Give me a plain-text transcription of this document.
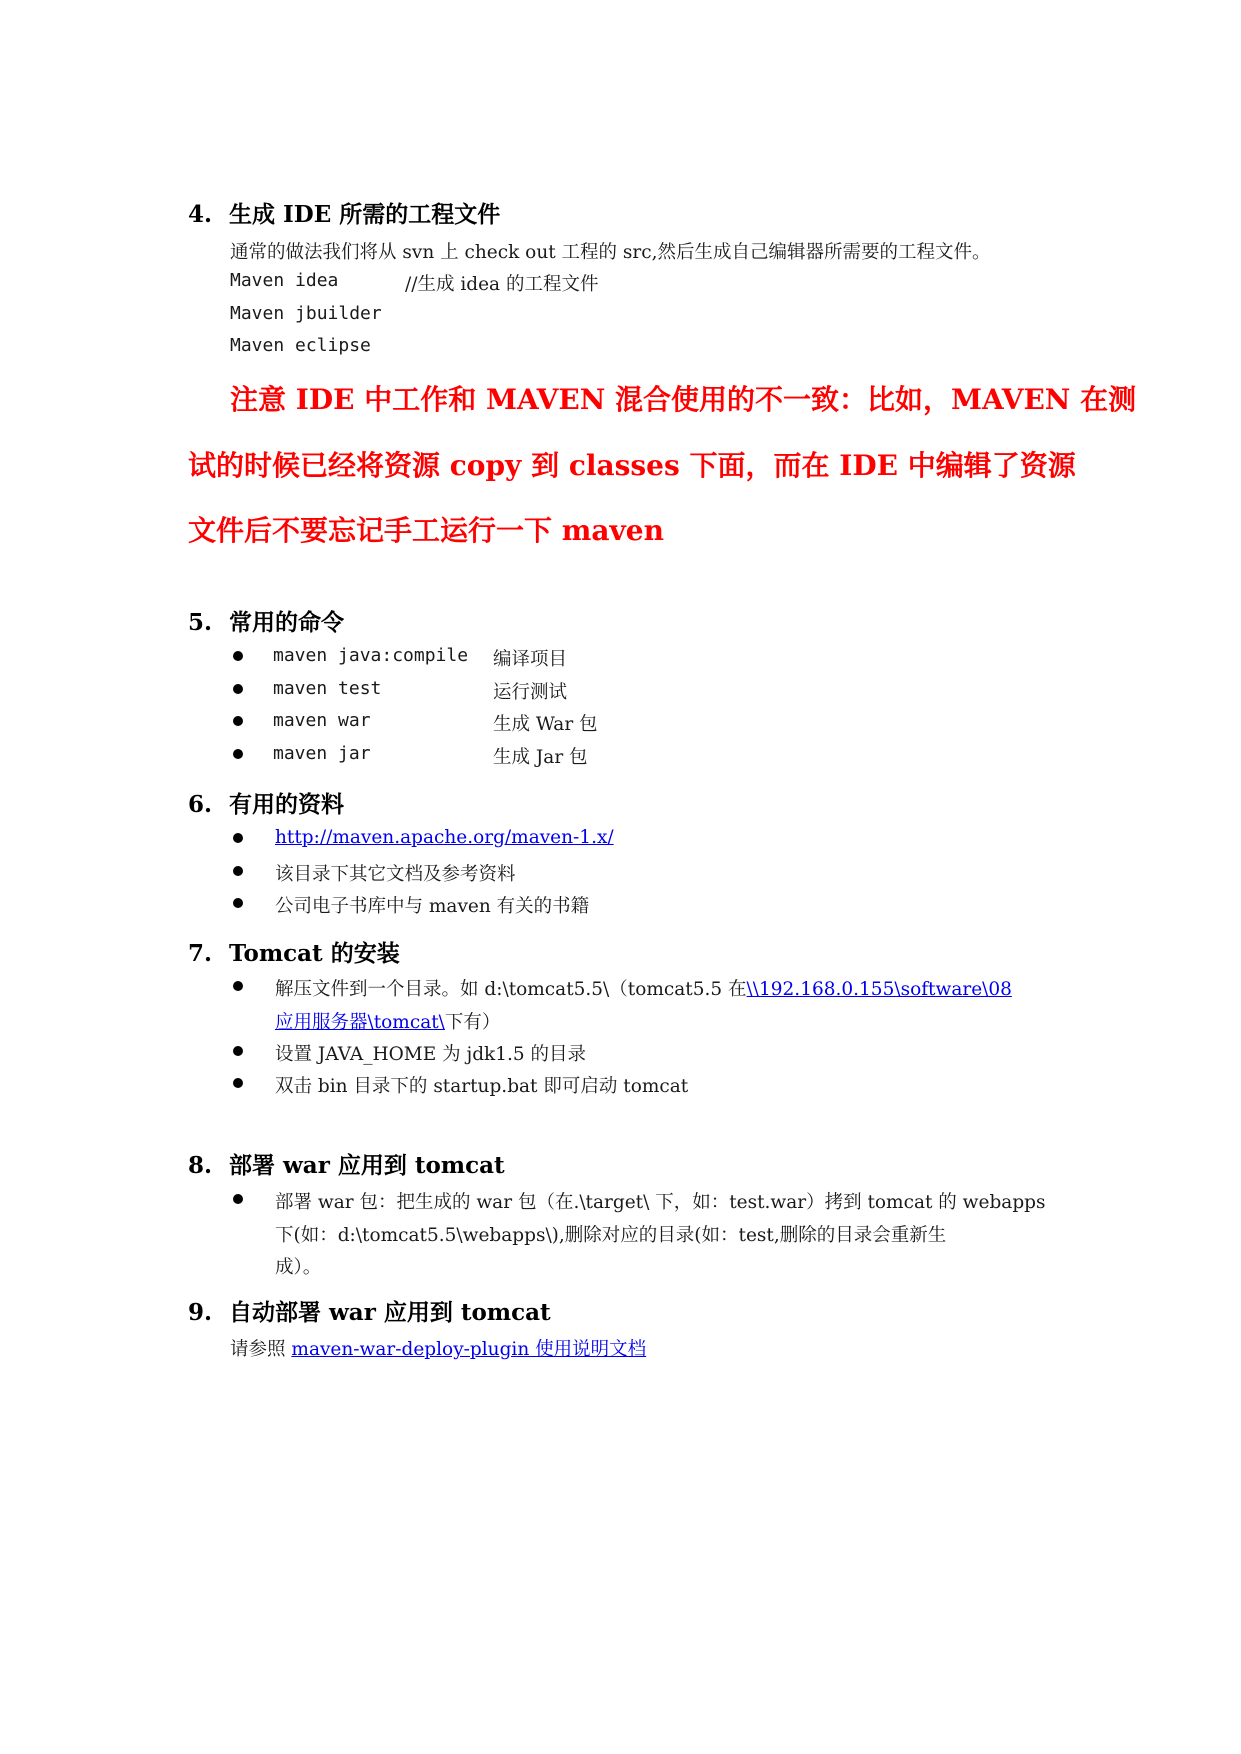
4. 生成 IDE 所需的工程文件
通常的做法我们将从 svn 上 check out 工程的 src,然后生成自己编辑器所需要的工程文件。
Maven idea	//生成 idea 的工程文件
Maven jbuilder
Maven eclipse
注意 IDE 中工作和 MAVEN 混合使用的不一致：比如，MAVEN 在测
试的时候已经将资源 copy 到 classes 下面，而在 IDE 中编辑了资源
文件后不要忘记手工运行一下 maven
5. 常用的命令
maven java:compile 编译项目
maven test	运行测试
maven war	生成 War 包
maven jar	生成 Jar 包
6. 有用的资料
http://maven.apache.org/maven-1.x/
该目录下其它文档及参考资料
公司电子书库中与 maven 有关的书籍
7. Tomcat 的安装
解压文件到一个目录。如 d:\tomcat5.5\（tomcat5.5 在\\192.168.0.155\software\08
应用服务器\tomcat\下有）
设置 JAVA_HOME 为 jdk1.5 的目录
双击 bin 目录下的 startup.bat 即可启动 tomcat
8. 部署 war 应用到 tomcat
部署 war 包：把生成的 war 包（在.\target\ 下，如：test.war）拷到 tomcat 的 webapps
下(如：d:\tomcat5.5\webapps\),删除对应的目录(如：test,删除的目录会重新生
成）。
9. 自动部署 war 应用到 tomcat
请参照 maven-war-deploy-plugin 使用说明文档
